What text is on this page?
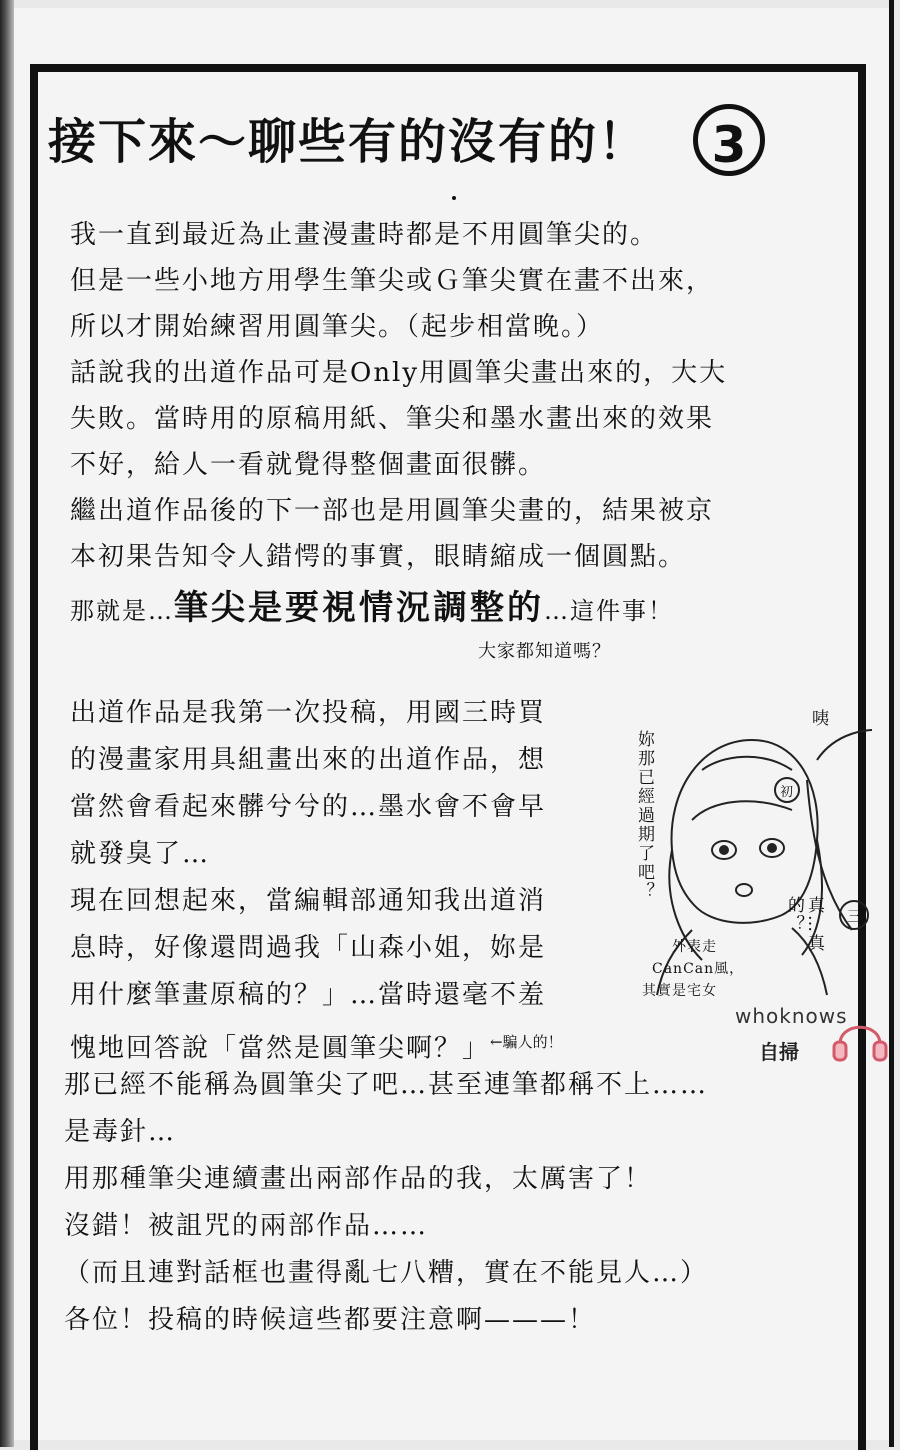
接下來～聊些有的沒有的！	3
我一直到最近為止畫漫畫時都是不用圓筆尖的。
但是一些小地方用學生筆尖或Ｇ筆尖實在畫不出來，
所以才開始練習用圓筆尖。（起步相當晚。）
話說我的出道作品可是Only用圓筆尖畫出來的，大大
失敗。當時用的原稿用紙、筆尖和墨水畫出來的效果
不好，給人一看就覺得整個畫面很髒。
繼出道作品後的下一部也是用圓筆尖畫的，結果被京
本初果告知令人錯愕的事實，眼睛縮成一個圓點。
那就是…筆尖是要視情況調整的…這件事！
大家都知道嗎？
出道作品是我第一次投稿，用國三時買
的漫畫家用具組畫出來的出道作品，想
當然會看起來髒兮兮的…墨水會不會早
就發臭了…
現在回想起來，當編輯部通知我出道消
息時，好像還問過我「山森小姐，妳是
用什麼筆畫原稿的？」…當時還毫不羞
愧地回答說「當然是圓筆尖啊？」$^{\leftarrow 騙人的!}$
妳那已經過期了吧？
咦
真…真的？
初
三
外表走
CanCan風，
其實是宅女
whoknows
自掃
那已經不能稱為圓筆尖了吧…甚至連筆都稱不上……
是毒針…
用那種筆尖連續畫出兩部作品的我，太厲害了！
沒錯！被詛咒的兩部作品……
（而且連對話框也畫得亂七八糟，實在不能見人…）
各位！投稿的時候這些都要注意啊———！
